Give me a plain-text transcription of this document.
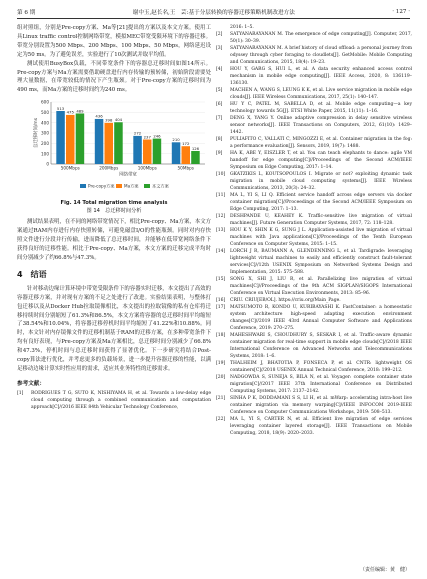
第 6 期	谢中玉,赵长名,王　芸:基于分层转换的容器迁移策略机制改进方法	· 127 ·

组对照组，分别是Pre-copy方案、Ma等[21]提出的方案以及本文方案。使用工具Linux traffic control控制网络带宽，模拟MEC带宽受限环境下的容器迁移。带宽分别设置为500 Mbps、200 Mbps、100 Mbps、50 Mbps，网络延迟设定为50 ms。为了避免误差，实验进行了10次测试并取平均值。

测试使用BusyBox负载，不同带宽条件下的容器总迁移时间如图14所示。Pre-copy方案与Ma方案需要借助硬盘进行内存传输的预转储，初始阶段需要处理大量数据，在带宽较低的情况下产生瓶颈。对于Pre-copy方案的迁移时间为490 ms，而Ma方案的迁移时间约为240 ms。

0
100
200
300
400
500
600
总迁移时间/ms
513
475 489
500Mbps
436
398 404
200Mbps
272
237 246
100Mbps
210
172
126
50Mbps
网络带宽
Pre-copy方案 Ma方案	本文方案
Fig. 14 Total migration time analysis
图 14　总迁移时间分析

测试结果表明，在不同的网络带宽情况下，相比Pre-copy、Ma方案，本文方案通过RAM内存进行内存快照转储，可避免磁盘I/O的性能瓶颈。同时对内存快照文件进行分段并行传输，进而降低了总迁移时间，并能够在低带宽网络条件下获得良好的迁移性能。相比于Pre-copy、Ma方案，本文方案的迁移完成平均时间分别减少了约66.8%与47.3%。

4　结语

针对移动边缘计算环境中带宽受限条件下的容器实时迁移，本文提出了高效的容器迁移方案，并对现有方案的不足之处进行了改进。实验结果表明，与整体打包迁移以及从Docker Hub拉取镜像相比，本文提出的拉取镜像的私有仓库将迁移持续时间分别缩短了61.3%和86.5%，本文方案将容器的总迁移时间平均缩短了38.54%和10.04%，将容器迁移停机时间平均缩短了41.22%和10.88%。同时，本文针对内存镜像文件的迁移机制基于RAM的迁移方案，在多种带宽条件下均有良好表现，与Pre-copy方案及Ma方案相比，总迁移时间分别减少了66.8%和47.3%，停机时间与总迁移时间获得了显著优化。下一步研究将结合Post-copy算法进行优化，并考虑更多的负载场景，进一步提升容器迁移的性能，以满足移动边缘计算实时性应用的需求，适应其业务特性的迁移需求。

参考文献：
[1]	RODRIGUES T G, SUTO K, NISHIYAMA H, et al. Towards a low-delay edge cloud computing through a combined communication and computation approach[C]//2016 IEEE 84th Vehicular Technology Conference,
2016: 1–5.
[2]	SATYANARAYANAN M. The emergence of edge computing[J]. Computer, 2017, 50(1): 30–39.
[3]	SATYANARAYANAN M. A brief history of cloud offload: a personal journey from odyssey through cyber foraging to cloudlets[J]. GetMobile: Mobile Computing and Communications, 2015, 18(4): 19–23.
[4]	HOU Y, GARG S, HUI L, et al. A data security enhanced access control mechanism in mobile edge computing[J]. IEEE Access, 2020, 8: 136119–136130.
[5]	MACHEN A, WANG S, LEUNG K K, et al. Live service migration in mobile edge clouds[J]. IEEE Wireless Communications, 2017, 25(1): 140–147.
[6]	HU Y C, PATEL M, SABELLA D, et al. Mobile edge computing—a key technology towards 5G[J]. ETSI White Paper, 2015, 11(11): 1–16.
[7]	DENG X, YANG Y. Online adaptive compression in delay sensitive wireless sensor networks[J]. IEEE Transactions on Computers, 2012, 61(10): 1429–1442.
[8]	PULIAFITO C, VALLATI C, MINGOZZI E, et al. Container migration in the fog: a performance evaluation[J]. Sensors, 2019, 19(7): 1488.
[9]	HA K, ABE Y, EISZLER T, et al. You can teach elephants to dance: agile VM handoff for edge computing[C]//Proceedings of the Second ACM/IEEE Symposium on Edge Computing, 2017: 1–14.
[10]	GKATZIKIS L, KOUTSOPOULOS I. Migrate or not? exploiting dynamic task migration in mobile cloud computing systems[J]. IEEE Wireless Communications, 2013, 20(3): 24–32.
[11]	MA L, YI S, LI Q. Efficient service handoff across edge servers via docker container migration[C]//Proceedings of the Second ACM/IEEE Symposium on Edge Computing, 2017: 1–13.
[12]	DESHPANDE U, KEAHEY K. Traffic-sensitive live migration of virtual machines[J]. Future Generation Computer Systems, 2017, 72: 118–128.
[13]	HOU K Y, SHIN K G, SUNG J L. Application-assisted live migration of virtual machines with Java applications[C]//Proceedings of the Tenth European Conference on Computer Systems, 2015: 1–15.
[14]	LORCH J R, BAUMANN A, GLENDENNING L, et al. Tardigrade: leveraging lightweight virtual machines to easily and efficiently construct fault-tolerant services[C]//12th USENIX Symposium on Networked Systems Design and Implementation, 2015: 575–588.
[15]	SONG X, SHI J, LIU R, et al. Parallelizing live migration of virtual machines[C]//Proceedings of the 9th ACM SIGPLAN/SIGOPS International Conference on Virtual Execution Environments, 2013: 85–96.
[16]	CRIU. CRIU[EB/OL]. https://criu.org/Main_Page.
[17]	MATSUMOTO R, KONDO U, KURIBAYASHI K. FastContainer: a homeostatic system architecture high-speed adapting execution environment changes[C]//2019 IEEE 43rd Annual Computer Software and Applications Conference, 2019: 270–275.
[18]	MAHESHWARI S, CHOUDHURY S, SESKAR I, et al. Traffic-aware dynamic container migration for real-time support in mobile edge clouds[C]//2018 IEEE International Conference on Advanced Networks and Telecommunications Systems, 2018: 1–6.
[19]	THALHEIM J, BHATOTIA P, FONSECA P, et al. CNTR: lightweight OS containers[C]//2018 USENIX Annual Technical Conference, 2018: 199–212.
[20]	NADGOWDA S, SUNEJA S, BILA N, et al. Voyager: complete container state migration[C]//2017 IEEE 37th International Conference on Distributed Computing Systems, 2017: 2137–2142.
[21]	SINHA P K, DODDAMANI S S, LI H, et al. mWarp: accelerating intra-host live container migration via memory warping[C]//IEEE INFOCOM 2019-IEEE Conference on Computer Communications Workshops, 2019: 508–513.
[22]	MA L, YI S, CARTER N, et al. Efficient live migration of edge services leveraging container layered storage[J]. IEEE Transactions on Mobile Computing, 2018, 18(9): 2020–2033.
（责任编辑：黄　健）
